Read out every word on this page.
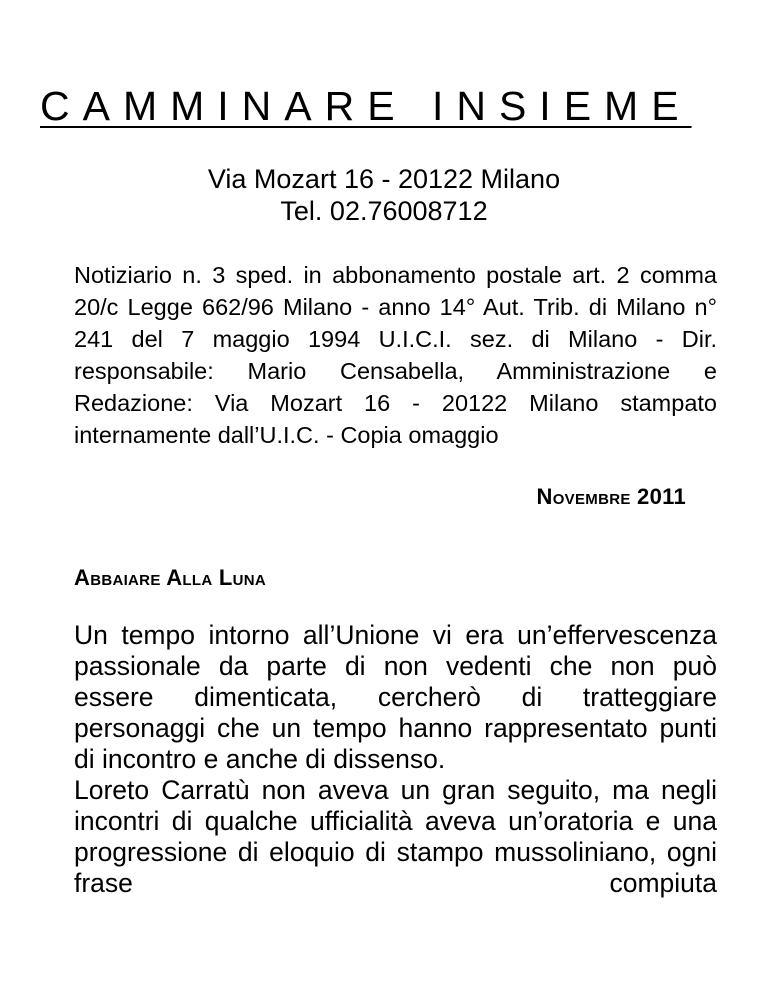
CAMMINARE INSIEME
Via Mozart 16 - 20122 Milano
Tel. 02.76008712
Notiziario n. 3 sped. in abbonamento postale art. 2 comma 20/c Legge 662/96 Milano - anno 14° Aut. Trib. di Milano n° 241 del 7 maggio 1994 U.I.C.I. sez. di Milano - Dir. responsabile: Mario Censabella, Amministrazione e Redazione: Via Mozart 16 - 20122 Milano stampato internamente dall’U.I.C. - Copia omaggio
Novembre 2011
Abbaiare Alla Luna

Un tempo intorno all’Unione vi era un’effervescenza passionale da parte di non vedenti che non può essere dimenticata, cercherò di tratteggiare personaggi che un tempo hanno rappresentato punti di incontro e anche di dissenso.

Loreto Carratù non aveva un gran seguito, ma negli incontri di qualche ufficialità aveva un’oratoria e una progressione di eloquio di stampo mussoliniano, ogni frase compiuta
